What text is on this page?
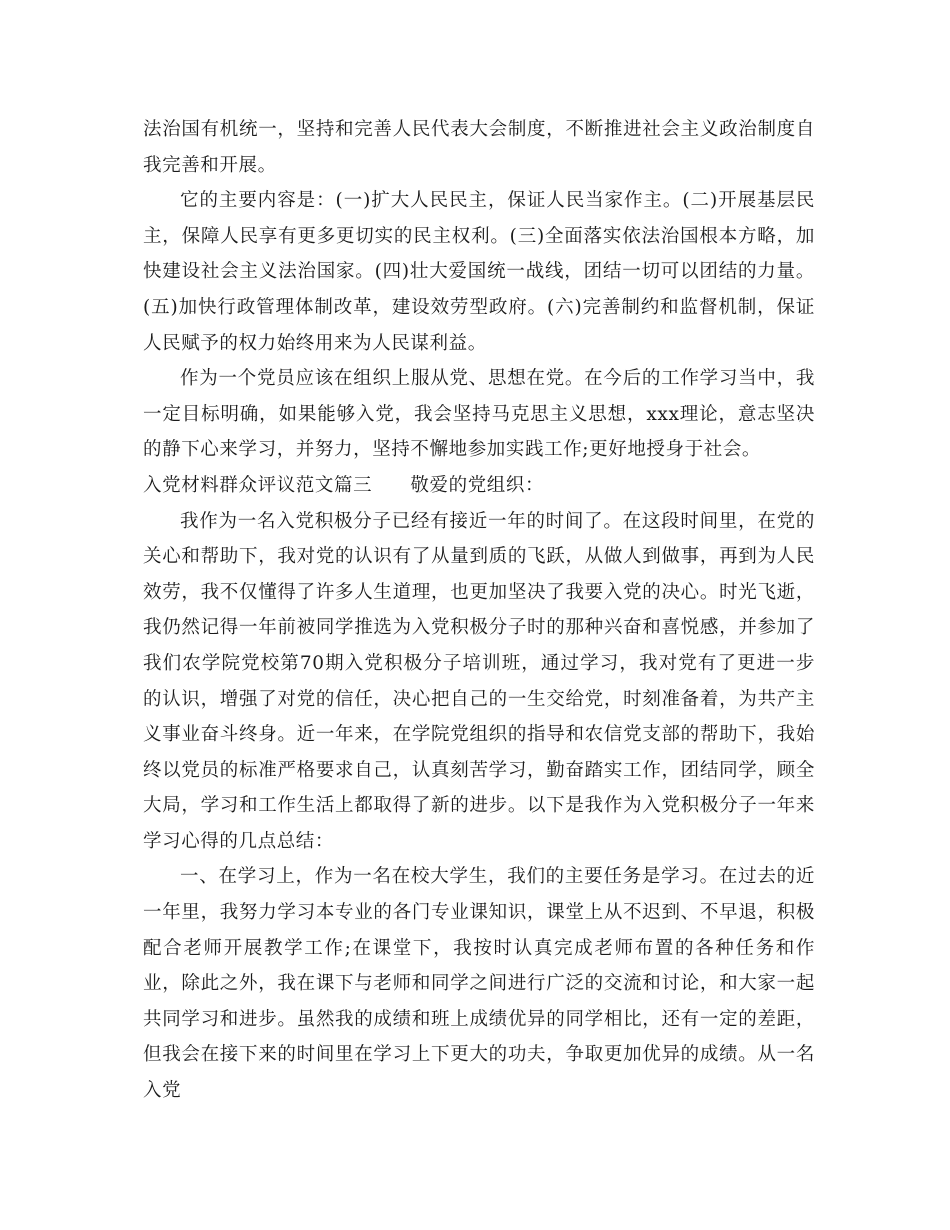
法治国有机统一，坚持和完善人民代表大会制度，不断推进社会主义政治制度自我完善和开展。

它的主要内容是：(一)扩大人民民主，保证人民当家作主。(二)开展基层民主，保障人民享有更多更切实的民主权利。(三)全面落实依法治国根本方略，加快建设社会主义法治国家。(四)壮大爱国统一战线，团结一切可以团结的力量。(五)加快行政管理体制改革，建设效劳型政府。(六)完善制约和监督机制，保证人民赋予的权力始终用来为人民谋利益。

作为一个党员应该在组织上服从党、思想在党。在今后的工作学习当中，我一定目标明确，如果能够入党，我会坚持马克思主义思想，xxx理论，意志坚决的静下心来学习，并努力，坚持不懈地参加实践工作;更好地授身于社会。

入党材料群众评议范文篇三　　敬爱的党组织：

我作为一名入党积极分子已经有接近一年的时间了。在这段时间里，在党的关心和帮助下，我对党的认识有了从量到质的飞跃，从做人到做事，再到为人民效劳，我不仅懂得了许多人生道理，也更加坚决了我要入党的决心。时光飞逝，我仍然记得一年前被同学推选为入党积极分子时的那种兴奋和喜悦感，并参加了我们农学院党校第70期入党积极分子培训班，通过学习，我对党有了更进一步的认识，增强了对党的信任，决心把自己的一生交给党，时刻准备着，为共产主义事业奋斗终身。近一年来，在学院党组织的指导和农信党支部的帮助下，我始终以党员的标准严格要求自己，认真刻苦学习，勤奋踏实工作，团结同学，顾全大局，学习和工作生活上都取得了新的进步。以下是我作为入党积极分子一年来学习心得的几点总结：

一、在学习上，作为一名在校大学生，我们的主要任务是学习。在过去的近一年里，我努力学习本专业的各门专业课知识，课堂上从不迟到、不早退，积极配合老师开展教学工作;在课堂下，我按时认真完成老师布置的各种任务和作业，除此之外，我在课下与老师和同学之间进行广泛的交流和讨论，和大家一起共同学习和进步。虽然我的成绩和班上成绩优异的同学相比，还有一定的差距，但我会在接下来的时间里在学习上下更大的功夫，争取更加优异的成绩。从一名入党
